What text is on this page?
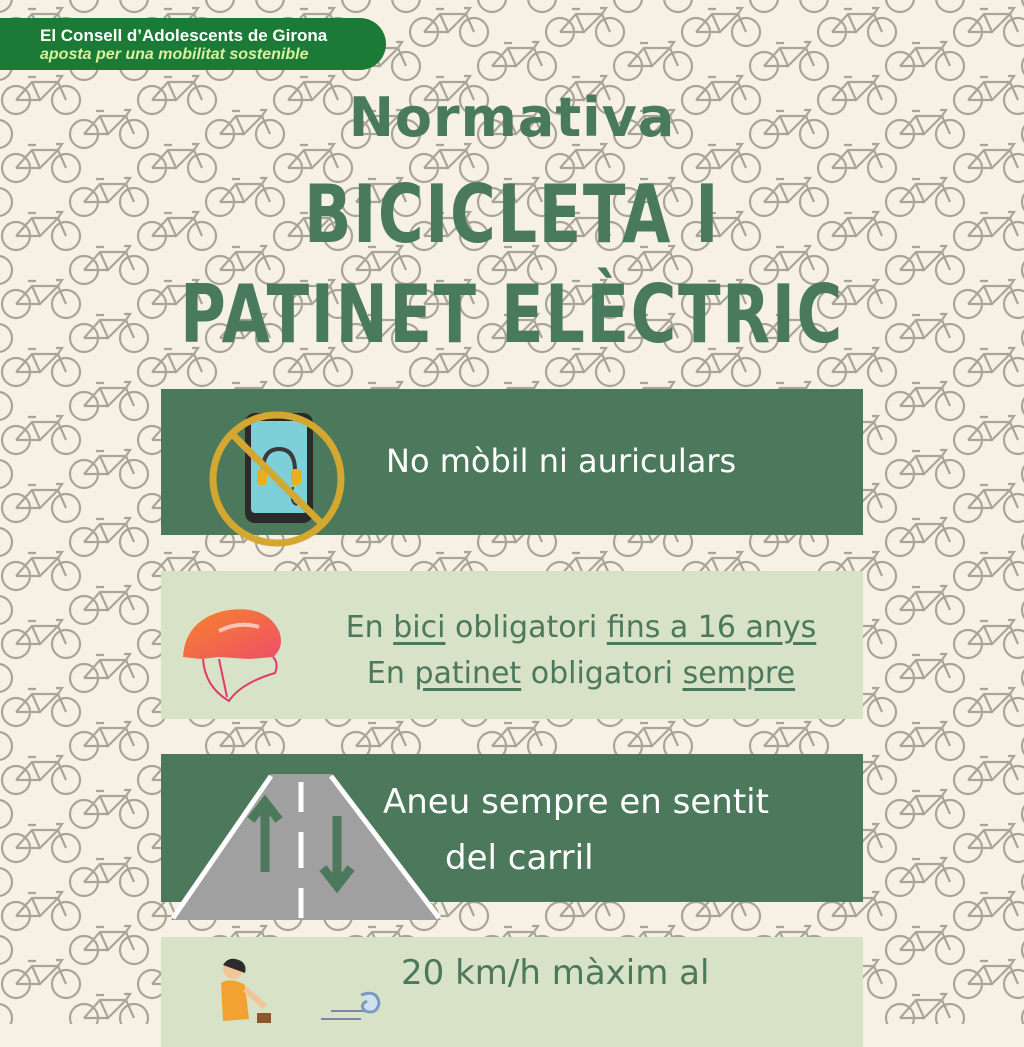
El Consell d’Adolescents de Girona
aposta per una mobilitat sostenible
Normativa
BICICLETA I
PATINET ELÈCTRIC
No mòbil ni auriculars
En bici obligatori fins a 16 anys
En patinet obligatori sempre
Aneu sempre en sentit
del carril
20 km/h màxim al
